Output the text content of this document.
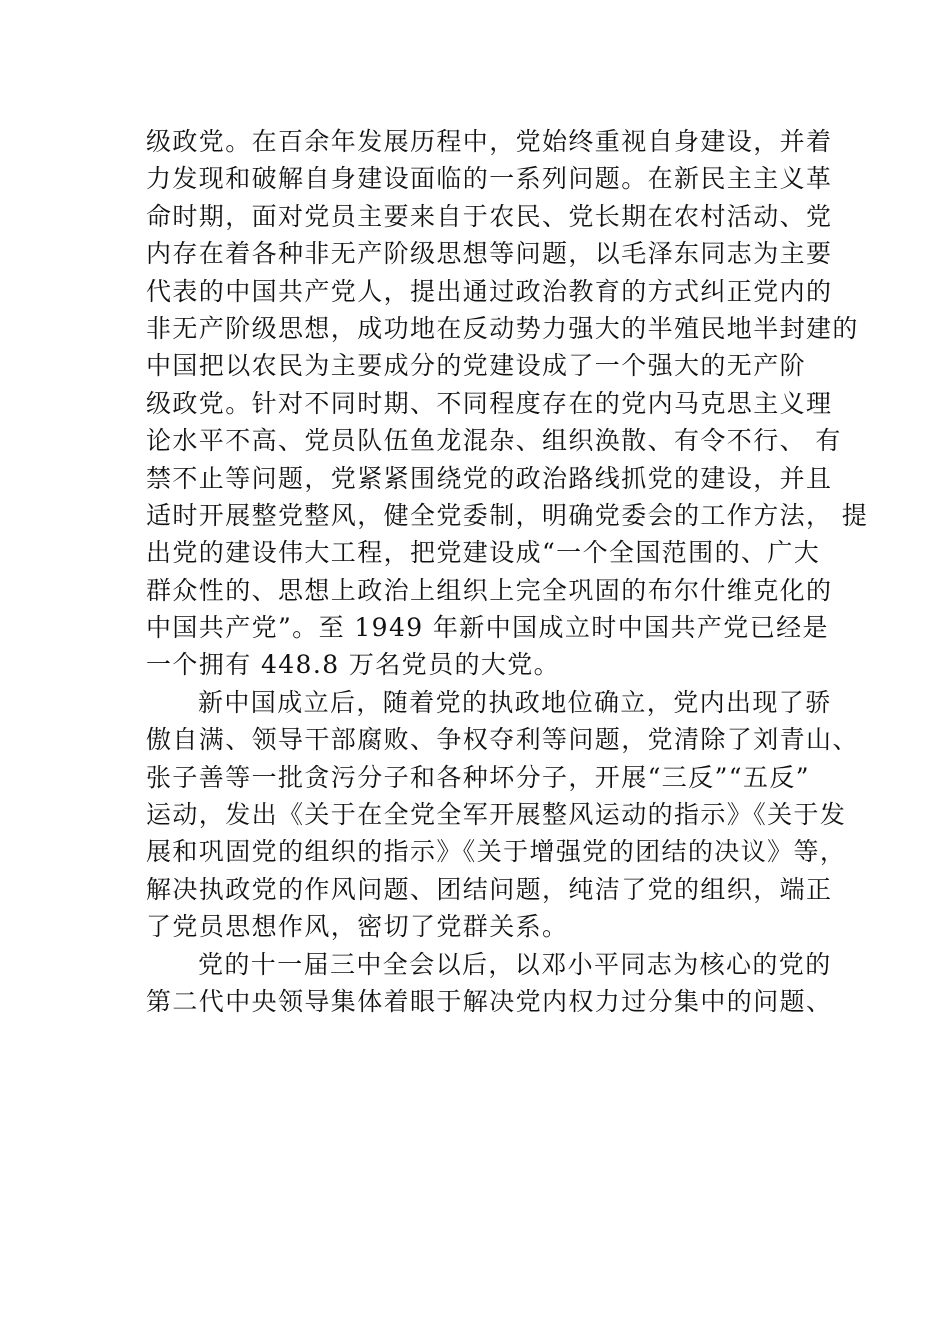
级政党。在百余年发展历程中，党始终重视自身建设，并着
力发现和破解自身建设面临的一系列问题。在新民主主义革
命时期，面对党员主要来自于农民、党长期在农村活动、党
内存在着各种非无产阶级思想等问题，以毛泽东同志为主要
代表的中国共产党人，提出通过政治教育的方式纠正党内的
非无产阶级思想，成功地在反动势力强大的半殖民地半封建的
中国把以农民为主要成分的党建设成了一个强大的无产阶
级政党。针对不同时期、不同程度存在的党内马克思主义理
论水平不高、党员队伍鱼龙混杂、组织涣散、有令不行、 有
禁不止等问题，党紧紧围绕党的政治路线抓党的建设，并且
适时开展整党整风，健全党委制，明确党委会的工作方法， 提
出党的建设伟大工程，把党建设成“一个全国范围的、广大
群众性的、思想上政治上组织上完全巩固的布尔什维克化的
中国共产党”。至 1949 年新中国成立时中国共产党已经是
一个拥有 448.8 万名党员的大党。
新中国成立后，随着党的执政地位确立，党内出现了骄
傲自满、领导干部腐败、争权夺利等问题，党清除了刘青山、
张子善等一批贪污分子和各种坏分子，开展“三反”“五反”
运动，发出《关于在全党全军开展整风运动的指示》《关于发
展和巩固党的组织的指示》《关于增强党的团结的决议》等，
解决执政党的作风问题、团结问题，纯洁了党的组织，端正
了党员思想作风，密切了党群关系。
党的十一届三中全会以后，以邓小平同志为核心的党的
第二代中央领导集体着眼于解决党内权力过分集中的问题、
